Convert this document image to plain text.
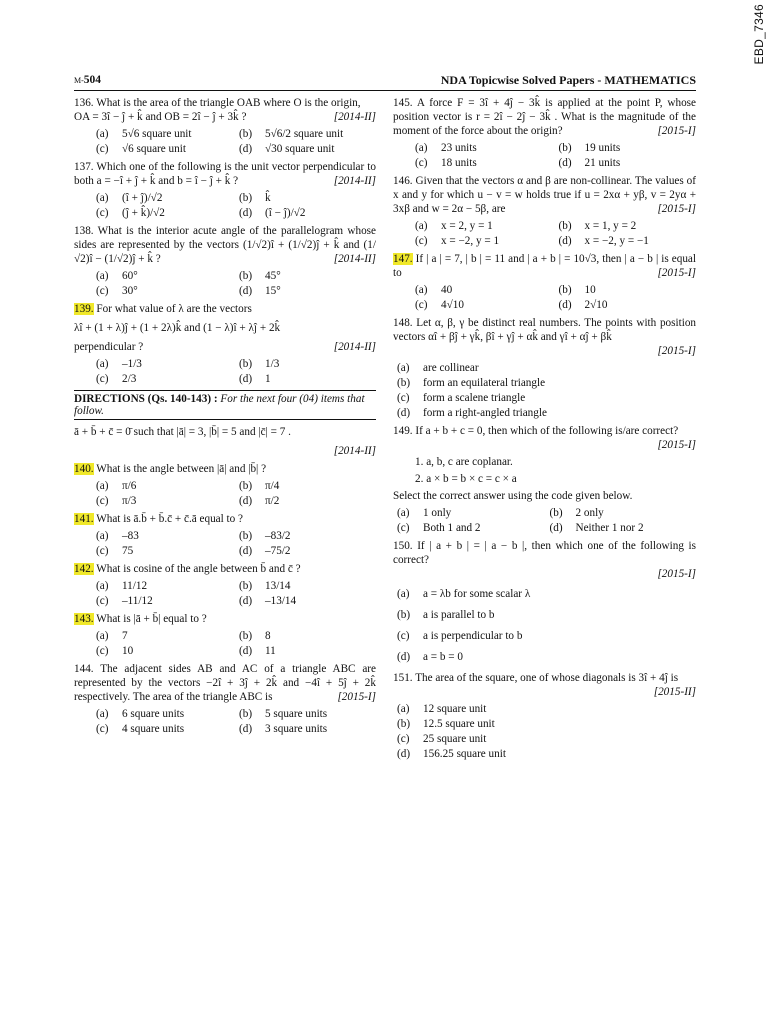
EBD_7346
M-504	NDA Topicwise Solved Papers - MATHEMATICS
136. What is the area of the triangle OAB where O is the origin,
OA = 3î − ĵ + k̂ and OB = 2î − ĵ + 3k̂ ?	[2014-II]
(a)	5√6 square unit	(b) 5√6/2 square unit
(c)	√6 square unit	(d) √30 square unit
137. Which one of the following is the unit vector perpendicular to both a = −î + ĵ + k̂ and b = î − ĵ + k̂ ?	[2014-II]
(a)	(î + ĵ)/√2	(b) k̂
(c)	(ĵ + k̂)/√2	(d) (î − ĵ)/√2
138. What is the interior acute angle of the parallelogram whose sides are represented by the vectors (1/√2)î + (1/√2)ĵ + k̂ and (1/√2)î − (1/√2)ĵ + k̂ ?	[2014-II]
(a)	60°	(b) 45°
(c)	30°	(d) 15°
139. For what value of λ are the vectors
λî + (1 + λ)ĵ + (1 + 2λ)k̂ and (1 − λ)î + λĵ + 2k̂
perpendicular ?	[2014-II]
(a)	–1/3	(b) 1/3
(c)	2/3	(d) 1
DIRECTIONS (Qs. 140-143) : For the next four (04) items that follow.
ā + b̄ + c̄ = 0̄ such that |ā| = 3, |b̄| = 5 and |c̄| = 7 .
[2014-II]
140. What is the angle between |ā| and |b̄| ?
(a)	π/6	(b) π/4
(c)	π/3	(d) π/2
141. What is ā.b̄ + b̄.c̄ + c̄.ā equal to ?
(a)	–83	(b) –83/2
(c)	75	(d) –75/2
142. What is cosine of the angle between b̄ and c̄ ?
(a)	11/12	(b) 13/14
(c)	–11/12	(d) –13/14
143. What is |ā + b̄| equal to ?
(a)	7	(b) 8
(c)	10	(d) 11
144. The adjacent sides AB and AC of a triangle ABC are represented by the vectors −2î + 3ĵ + 2k̂ and −4î + 5ĵ + 2k̂ respectively. The area of the triangle ABC is	[2015-I]
(a)	6 square units	(b) 5 square units
(c)	4 square units	(d) 3 square units
145. A force F = 3î + 4ĵ − 3k̂ is applied at the point P, whose position vector is r = 2î − 2ĵ − 3k̂ . What is the magnitude of the moment of the force about the origin?	[2015-I]
(a)	23 units	(b) 19 units
(c)	18 units	(d) 21 units
146. Given that the vectors α and β are non-collinear. The values of x and y for which u − v = w holds true if u = 2xα + yβ, v = 2yα + 3xβ and w = 2α − 5β, are	[2015-I]
(a)	x = 2, y = 1	(b) x = 1, y = 2
(c)	x = −2, y = 1	(d) x = −2, y = −1
147. If | a | = 7, | b | = 11 and | a + b | = 10√3, then | a − b | is equal to	[2015-I]
(a)	40	(b) 10
(c)	4√10	(d) 2√10
148. Let α, β, γ be distinct real numbers. The points with position vectors αî + βĵ + γk̂, βî + γĵ + αk̂ and γî + αĵ + βk̂
[2015-I]
(a)	are collinear
(b) form an equilateral triangle
(c)	form a scalene triangle
(d) form a right-angled triangle
149. If a + b + c = 0, then which of the following is/are correct?
[2015-I]
1. a, b, c are coplanar.
2. a × b = b × c = c × a
Select the correct answer using the code given below.
(a)	1 only	(b) 2 only
(c)	Both 1 and 2	(d) Neither 1 nor 2
150. If | a + b | = | a − b |, then which one of the following is correct?
[2015-I]
(a)	a = λb for some scalar λ
(b) a is parallel to b
(c)	a is perpendicular to b
(d) a = b = 0
151. The area of the square, one of whose diagonals is 3î + 4ĵ is
[2015-II]
(a)	12 square unit
(b) 12.5 square unit
(c)	25 square unit
(d) 156.25 square unit
